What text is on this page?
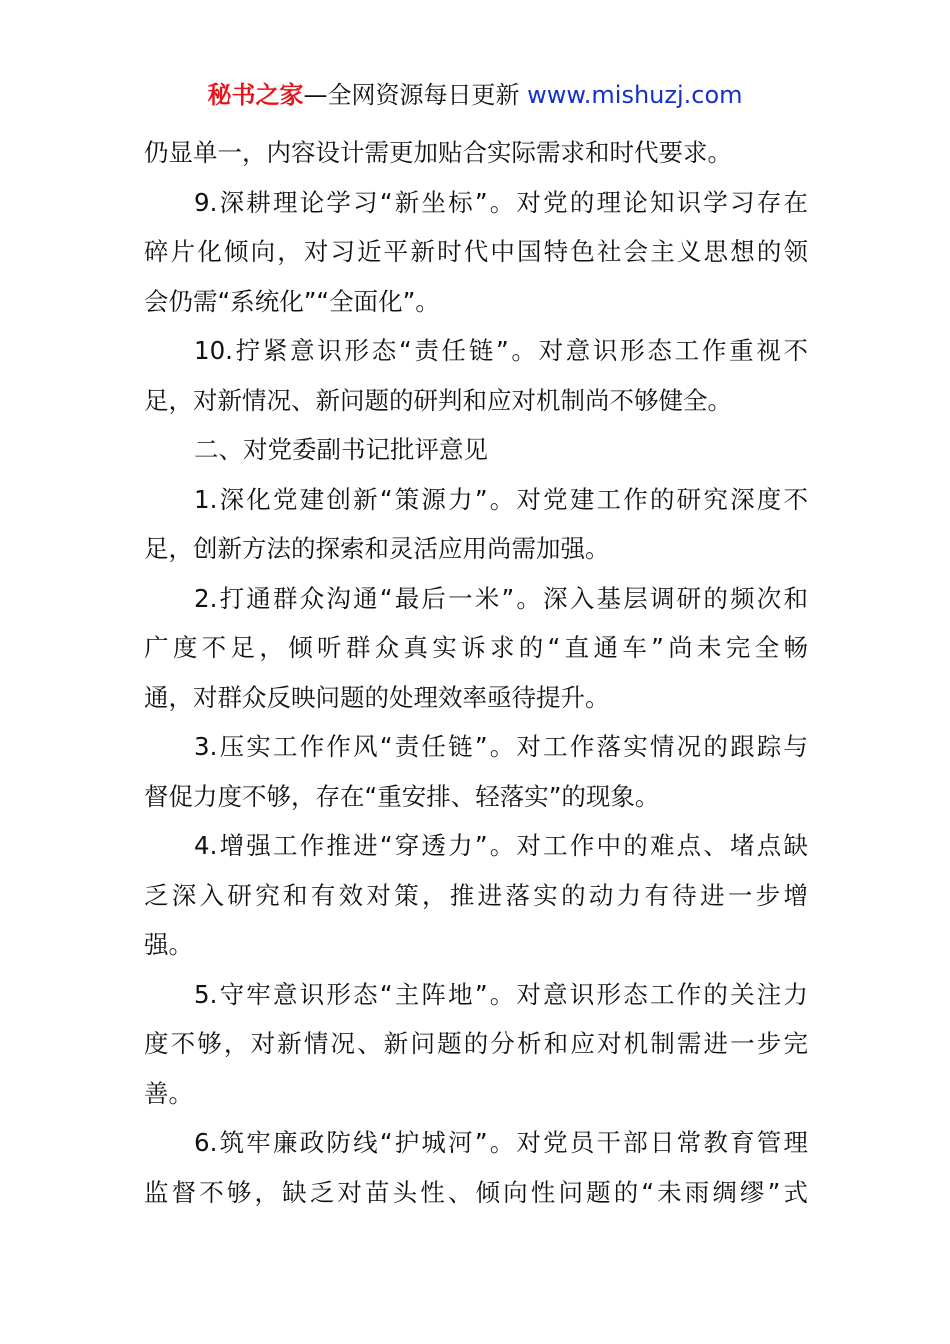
秘书之家—全网资源每日更新 www.mishuzj.com
仍显单一，内容设计需更加贴合实际需求和时代要求。
9.深耕理论学习“新坐标”。对党的理论知识学习存在
碎片化倾向，对习近平新时代中国特色社会主义思想的领
会仍需“系统化”“全面化”。
10.拧紧意识形态“责任链”。对意识形态工作重视不
足，对新情况、新问题的研判和应对机制尚不够健全。
二、对党委副书记批评意见
1.深化党建创新“策源力”。对党建工作的研究深度不
足，创新方法的探索和灵活应用尚需加强。
2.打通群众沟通“最后一米”。深入基层调研的频次和
广度不足，倾听群众真实诉求的“直通车”尚未完全畅
通，对群众反映问题的处理效率亟待提升。
3.压实工作作风“责任链”。对工作落实情况的跟踪与
督促力度不够，存在“重安排、轻落实”的现象。
4.增强工作推进“穿透力”。对工作中的难点、堵点缺
乏深入研究和有效对策，推进落实的动力有待进一步增
强。
5.守牢意识形态“主阵地”。对意识形态工作的关注力
度不够，对新情况、新问题的分析和应对机制需进一步完
善。
6.筑牢廉政防线“护城河”。对党员干部日常教育管理
监督不够，缺乏对苗头性、倾向性问题的“未雨绸缪”式
